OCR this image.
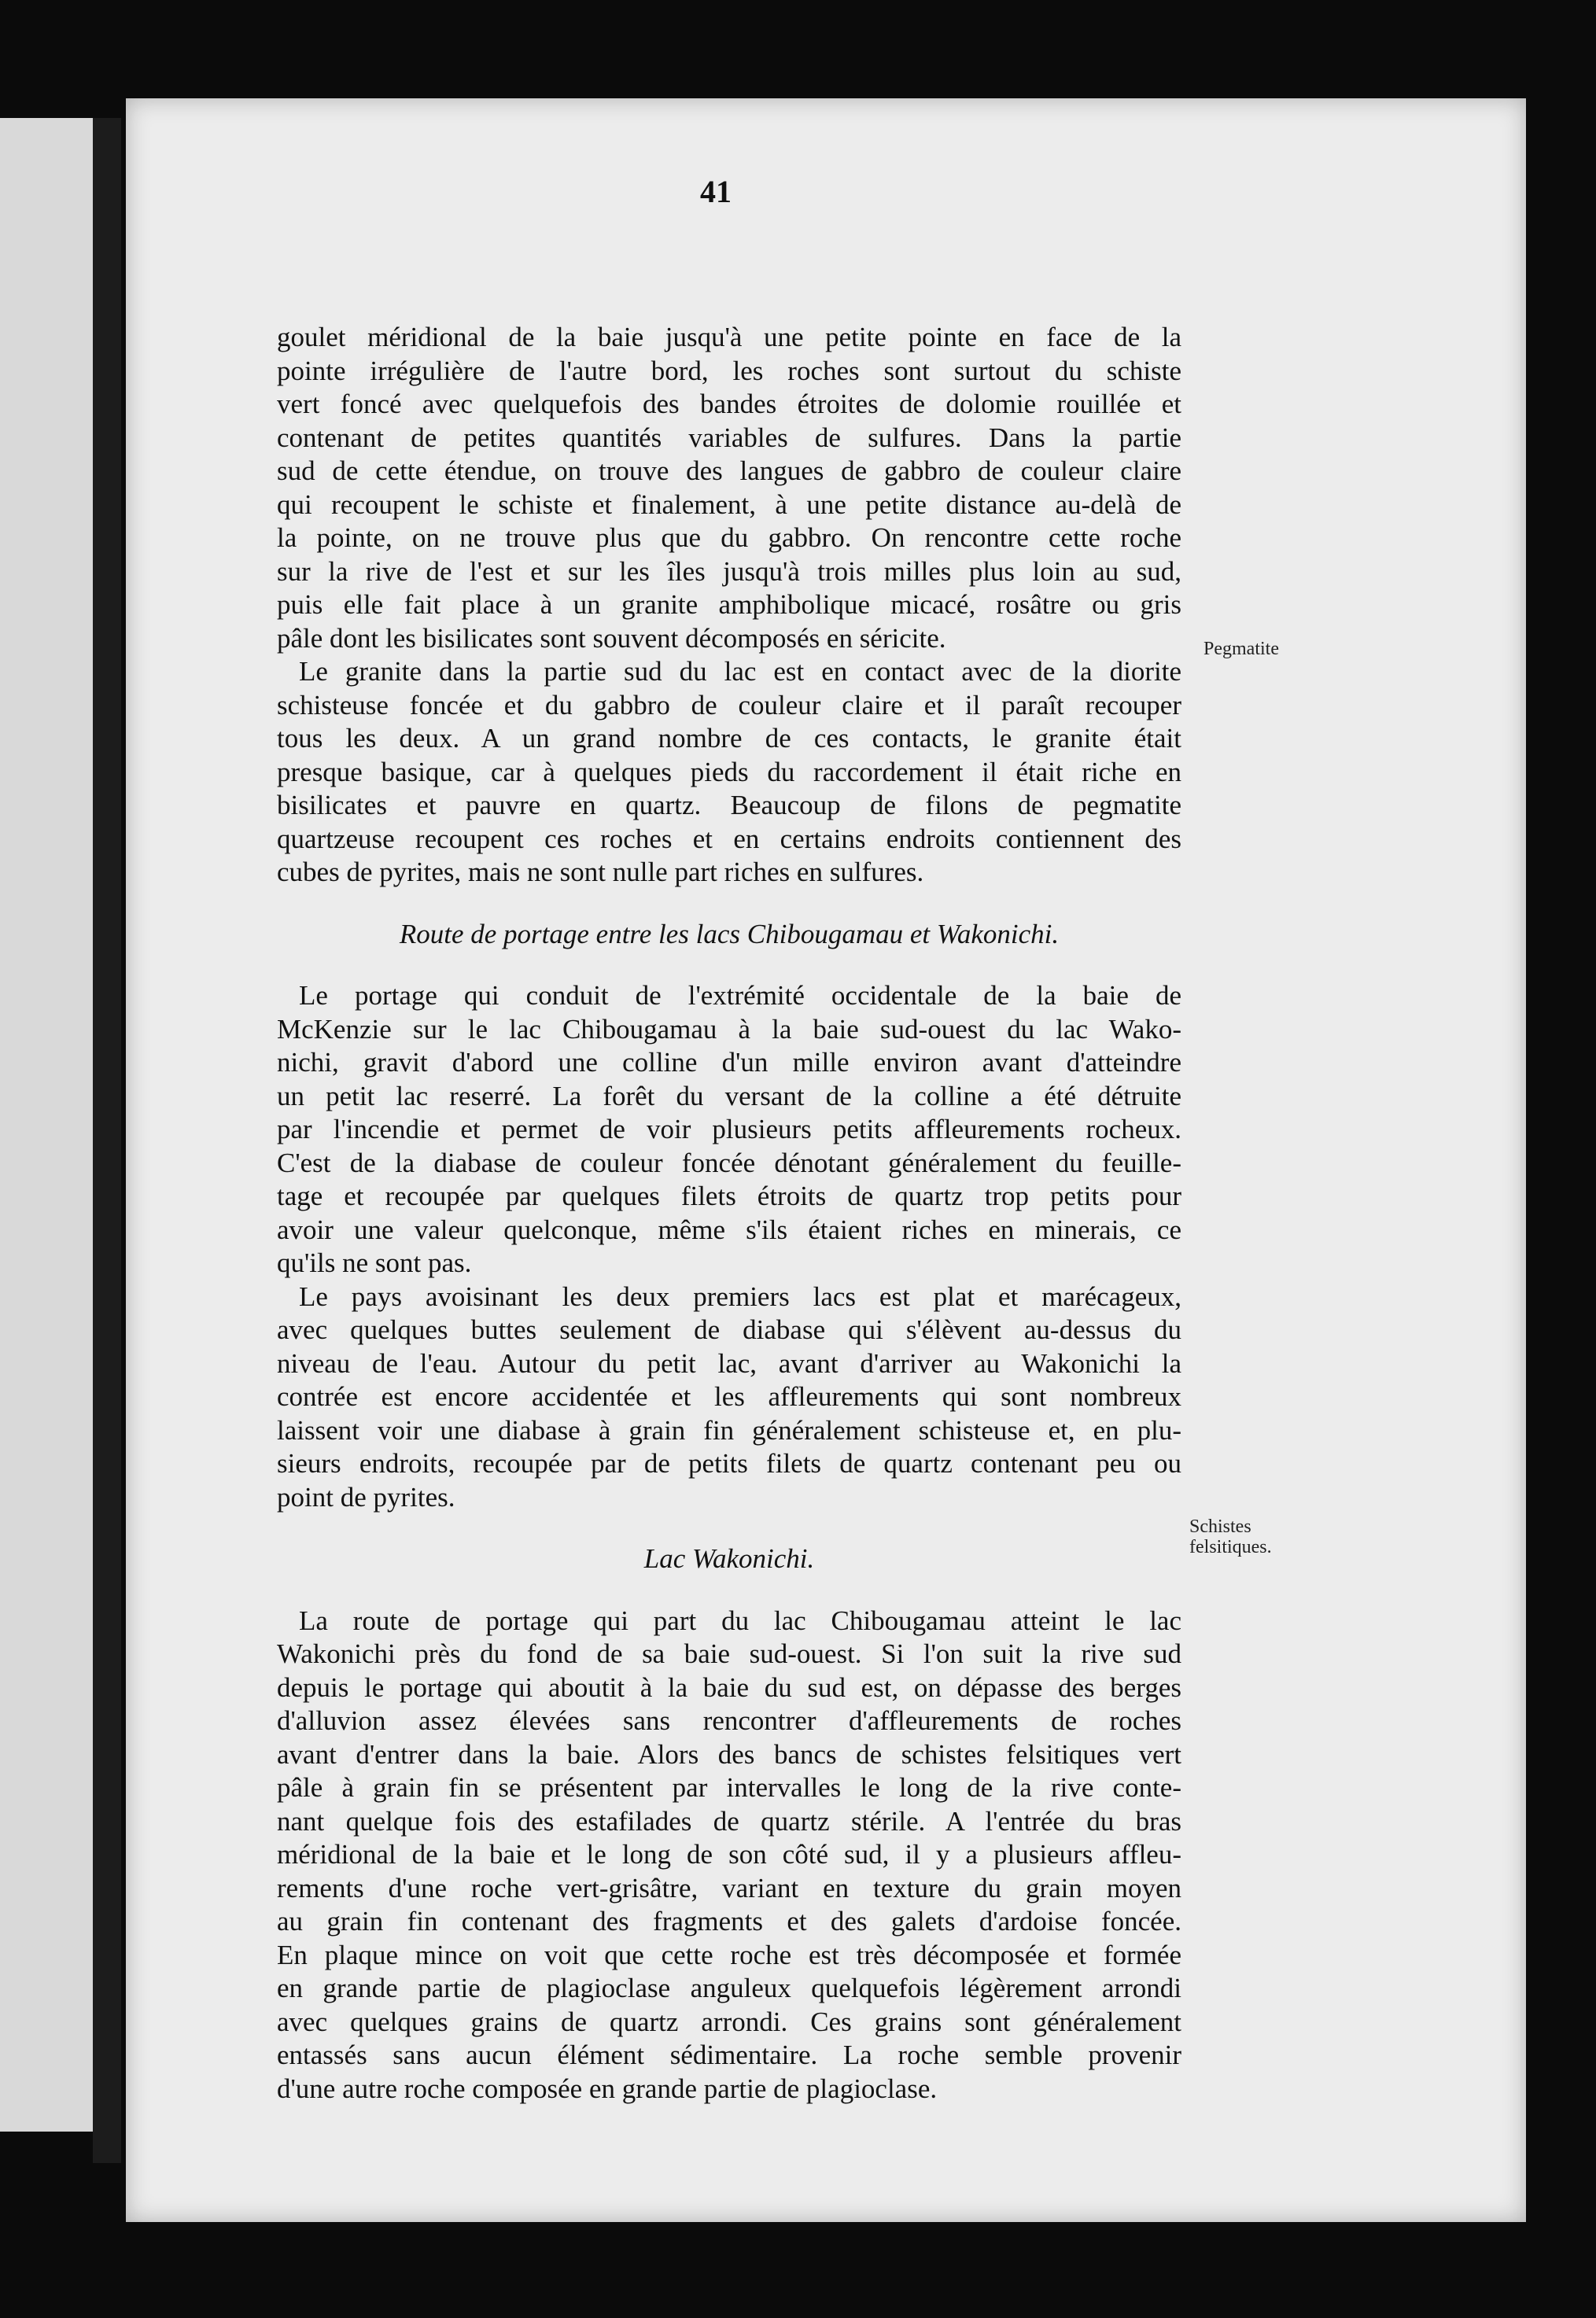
41
goulet méridional de la baie jusqu'à une petite pointe en face de la
pointe irrégulière de l'autre bord, les roches sont surtout du schiste
vert foncé avec quelquefois des bandes étroites de dolomie rouillée et
contenant de petites quantités variables de sulfures. Dans la partie
sud de cette étendue, on trouve des langues de gabbro de couleur claire
qui recoupent le schiste et finalement, à une petite distance au-delà de
la pointe, on ne trouve plus que du gabbro. On rencontre cette roche
sur la rive de l'est et sur les îles jusqu'à trois milles plus loin au sud,
puis elle fait place à un granite amphibolique micacé, rosâtre ou gris
pâle dont les bisilicates sont souvent décomposés en séricite.
Le granite dans la partie sud du lac est en contact avec de la diorite
schisteuse foncée et du gabbro de couleur claire et il paraît recouper
tous les deux. A un grand nombre de ces contacts, le granite était
presque basique, car à quelques pieds du raccordement il était riche en
bisilicates et pauvre en quartz. Beaucoup de filons de pegmatite
quartzeuse recoupent ces roches et en certains endroits contiennent des
cubes de pyrites, mais ne sont nulle part riches en sulfures.
Route de portage entre les lacs Chibougamau et Wakonichi.
Le portage qui conduit de l'extrémité occidentale de la baie de
McKenzie sur le lac Chibougamau à la baie sud-ouest du lac Wako-
nichi, gravit d'abord une colline d'un mille environ avant d'atteindre
un petit lac reserré. La forêt du versant de la colline a été détruite
par l'incendie et permet de voir plusieurs petits affleurements rocheux.
C'est de la diabase de couleur foncée dénotant généralement du feuille-
tage et recoupée par quelques filets étroits de quartz trop petits pour
avoir une valeur quelconque, même s'ils étaient riches en minerais, ce
qu'ils ne sont pas.
Le pays avoisinant les deux premiers lacs est plat et marécageux,
avec quelques buttes seulement de diabase qui s'élèvent au-dessus du
niveau de l'eau. Autour du petit lac, avant d'arriver au Wakonichi la
contrée est encore accidentée et les affleurements qui sont nombreux
laissent voir une diabase à grain fin généralement schisteuse et, en plu-
sieurs endroits, recoupée par de petits filets de quartz contenant peu ou
point de pyrites.
Lac Wakonichi.
La route de portage qui part du lac Chibougamau atteint le lac
Wakonichi près du fond de sa baie sud-ouest. Si l'on suit la rive sud
depuis le portage qui aboutit à la baie du sud est, on dépasse des berges
d'alluvion assez élevées sans rencontrer d'affleurements de roches
avant d'entrer dans la baie. Alors des bancs de schistes felsitiques vert
pâle à grain fin se présentent par intervalles le long de la rive conte-
nant quelque fois des estafilades de quartz stérile. A l'entrée du bras
méridional de la baie et le long de son côté sud, il y a plusieurs affleu-
rements d'une roche vert-grisâtre, variant en texture du grain moyen
au grain fin contenant des fragments et des galets d'ardoise foncée.
En plaque mince on voit que cette roche est très décomposée et formée
en grande partie de plagioclase anguleux quelquefois légèrement arrondi
avec quelques grains de quartz arrondi. Ces grains sont généralement
entassés sans aucun élément sédimentaire. La roche semble provenir
d'une autre roche composée en grande partie de plagioclase.
Pegmatite
Schistes
felsitiques.
